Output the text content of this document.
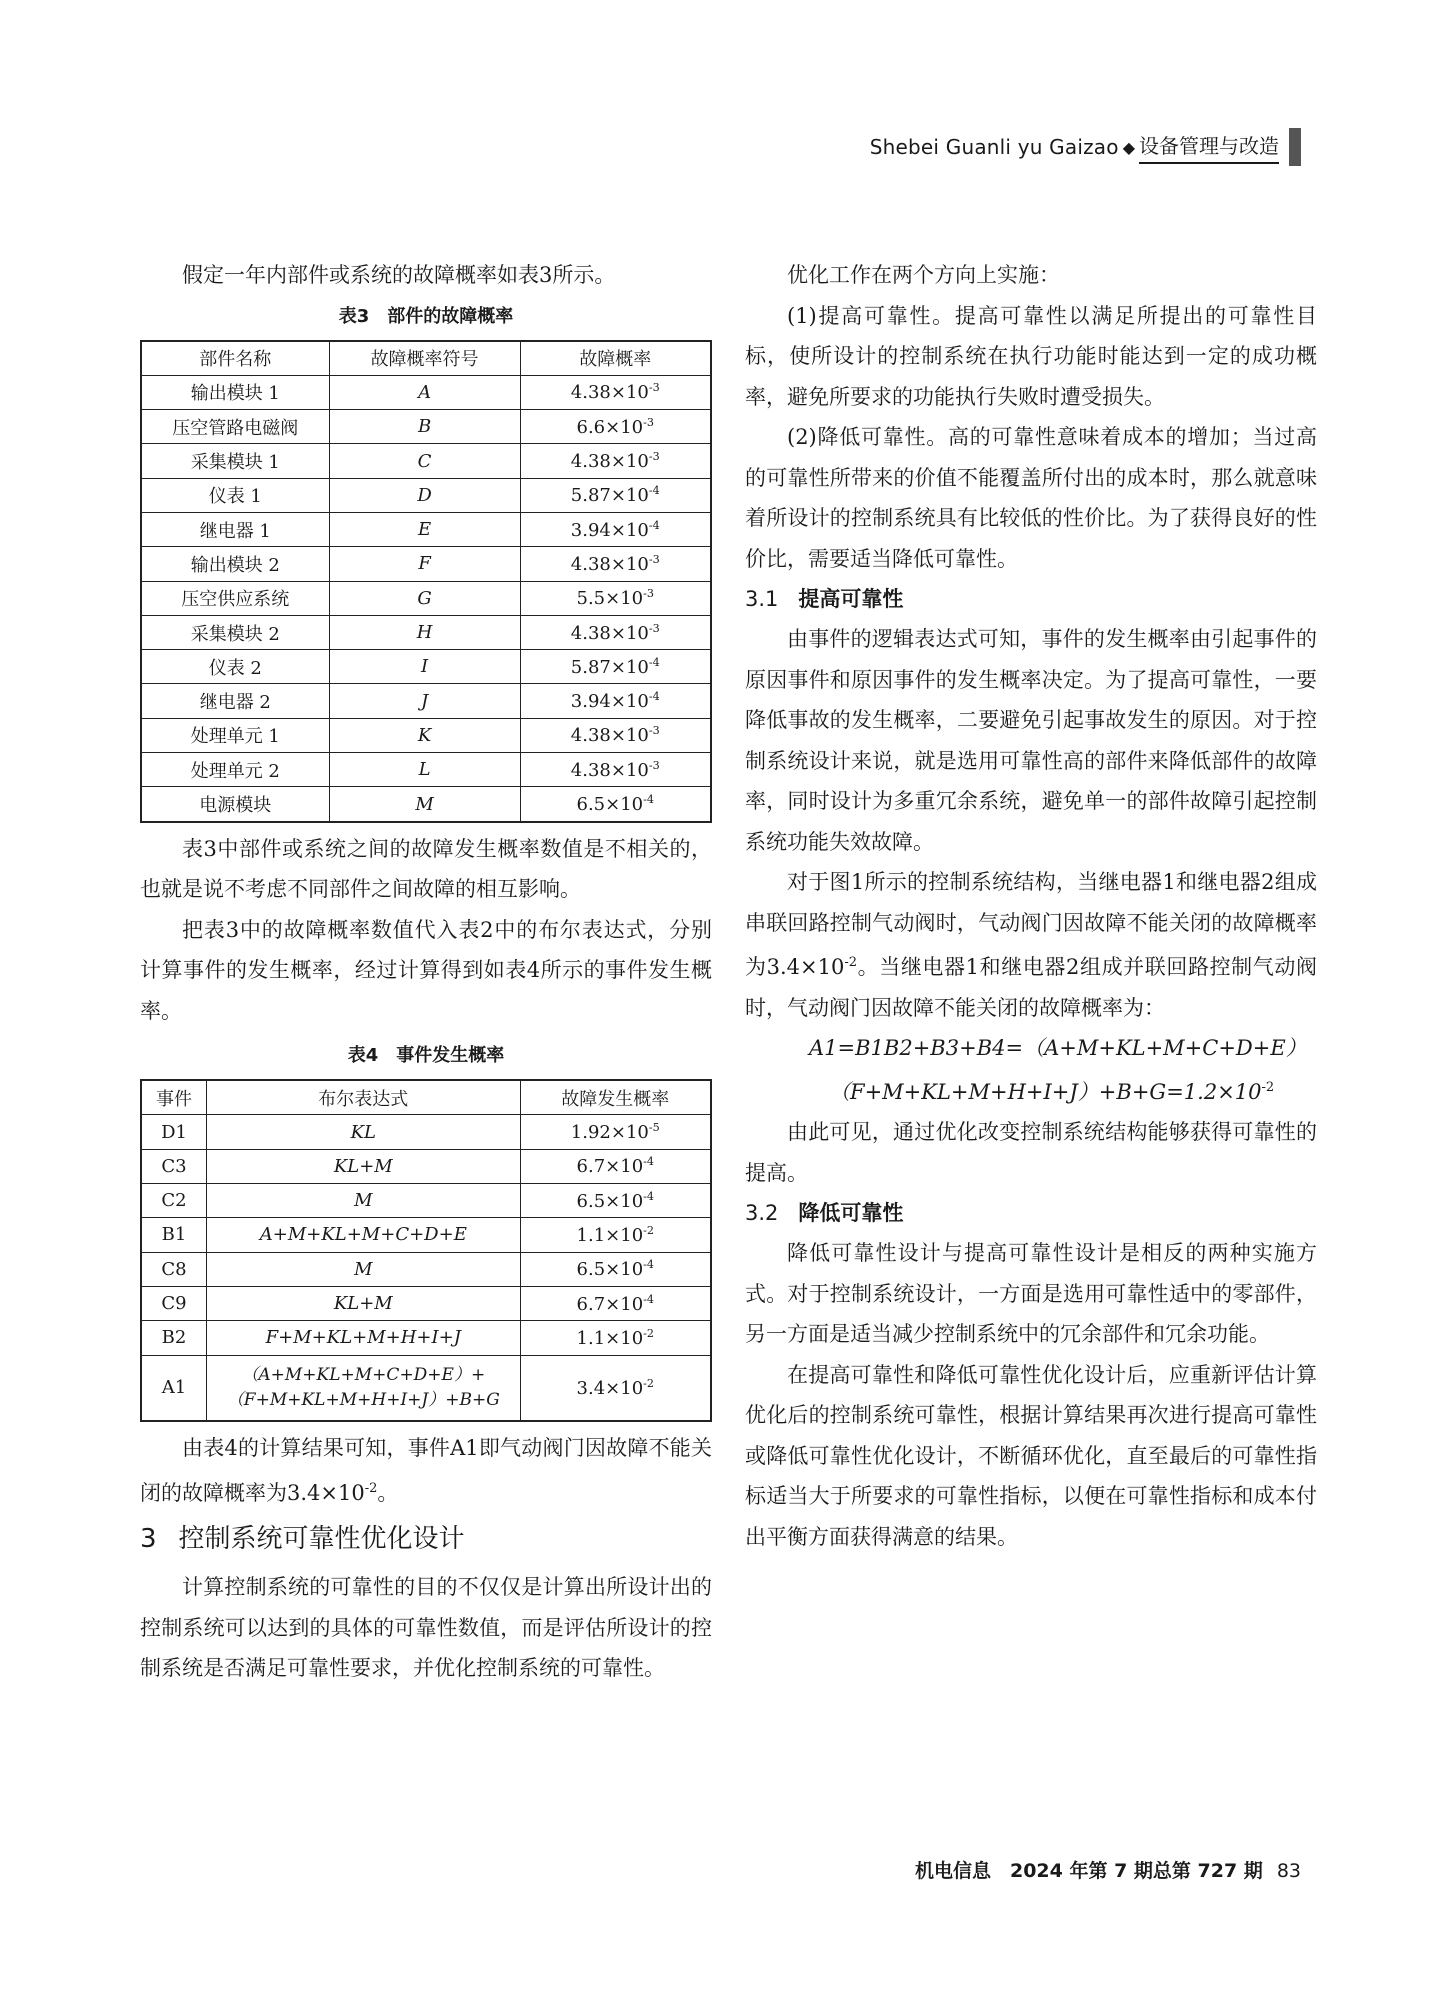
Shebei Guanli yu Gaizao ◆ 设备管理与改造

假定一年内部件或系统的故障概率如表3所示。

表3　部件的故障概率
部件名称	故障概率符号	故障概率
输出模块 1	A	$4.38\times 10^{-3}$
压空管路电磁阀	B	$6.6\times 10^{-3}$
采集模块 1	C	$4.38\times 10^{-3}$
仪表 1	D	$5.87\times 10^{-4}$
继电器 1	E	$3.94\times 10^{-4}$
输出模块 2	F	$4.38\times 10^{-3}$
压空供应系统	G	$5.5\times 10^{-3}$
采集模块 2	H	$4.38\times 10^{-3}$
仪表 2	I	$5.87\times 10^{-4}$
继电器 2	J	$3.94\times 10^{-4}$
处理单元 1	K	$4.38\times 10^{-3}$
处理单元 2	L	$4.38\times 10^{-3}$
电源模块	M	$6.5\times 10^{-4}$

表3中部件或系统之间的故障发生概率数值是不相关的，也就是说不考虑不同部件之间故障的相互影响。

把表3中的故障概率数值代入表2中的布尔表达式，分别计算事件的发生概率，经过计算得到如表4所示的事件发生概率。

表4　事件发生概率
事件	布尔表达式	故障发生概率
D1	KL	$1.92\times 10^{-5}$
C3	KL+M	$6.7\times 10^{-4}$
C2	M	$6.5\times 10^{-4}$
B1	A+M+KL+M+C+D+E	$1.1\times 10^{-2}$
C8	M	$6.5\times 10^{-4}$
C9	KL+M	$6.7\times 10^{-4}$
B2	F+M+KL+M+H+I+J	$1.1\times 10^{-2}$
A1	（A+M+KL+M+C+D+E）+
（F+M+KL+M+H+I+J）+B+G	$3.4\times 10^{-2}$

由表4的计算结果可知，事件A1即气动阀门因故障不能关闭的故障概率为$3.4\times 10^{-2}$。

3 控制系统可靠性优化设计

计算控制系统的可靠性的目的不仅仅是计算出所设计出的控制系统可以达到的具体的可靠性数值，而是评估所设计的控制系统是否满足可靠性要求，并优化控制系统的可靠性。

优化工作在两个方向上实施：

(1)提高可靠性。提高可靠性以满足所提出的可靠性目标，使所设计的控制系统在执行功能时能达到一定的成功概率，避免所要求的功能执行失败时遭受损失。

(2)降低可靠性。高的可靠性意味着成本的增加；当过高的可靠性所带来的价值不能覆盖所付出的成本时，那么就意味着所设计的控制系统具有比较低的性价比。为了获得良好的性价比，需要适当降低可靠性。

3.1 提高可靠性

由事件的逻辑表达式可知，事件的发生概率由引起事件的原因事件和原因事件的发生概率决定。为了提高可靠性，一要降低事故的发生概率，二要避免引起事故发生的原因。对于控制系统设计来说，就是选用可靠性高的部件来降低部件的故障率，同时设计为多重冗余系统，避免单一的部件故障引起控制系统功能失效故障。

对于图1所示的控制系统结构，当继电器1和继电器2组成串联回路控制气动阀时，气动阀门因故障不能关闭的故障概率为$3.4\times 10^{-2}$。当继电器1和继电器2组成并联回路控制气动阀时，气动阀门因故障不能关闭的故障概率为：

A1=B1B2+B3+B4=（A+M+KL+M+C+D+E）
$(F+M+KL+M+H+I+J)+B+G=1.2\times 10^{-2}$

由此可见，通过优化改变控制系统结构能够获得可靠性的提高。

3.2 降低可靠性

降低可靠性设计与提高可靠性设计是相反的两种实施方式。对于控制系统设计，一方面是选用可靠性适中的零部件，另一方面是适当减少控制系统中的冗余部件和冗余功能。

在提高可靠性和降低可靠性优化设计后，应重新评估计算优化后的控制系统可靠性，根据计算结果再次进行提高可靠性或降低可靠性优化设计，不断循环优化，直至最后的可靠性指标适当大于所要求的可靠性指标，以便在可靠性指标和成本付出平衡方面获得满意的结果。

机电信息　2024 年第 7 期总第 727 期 83
